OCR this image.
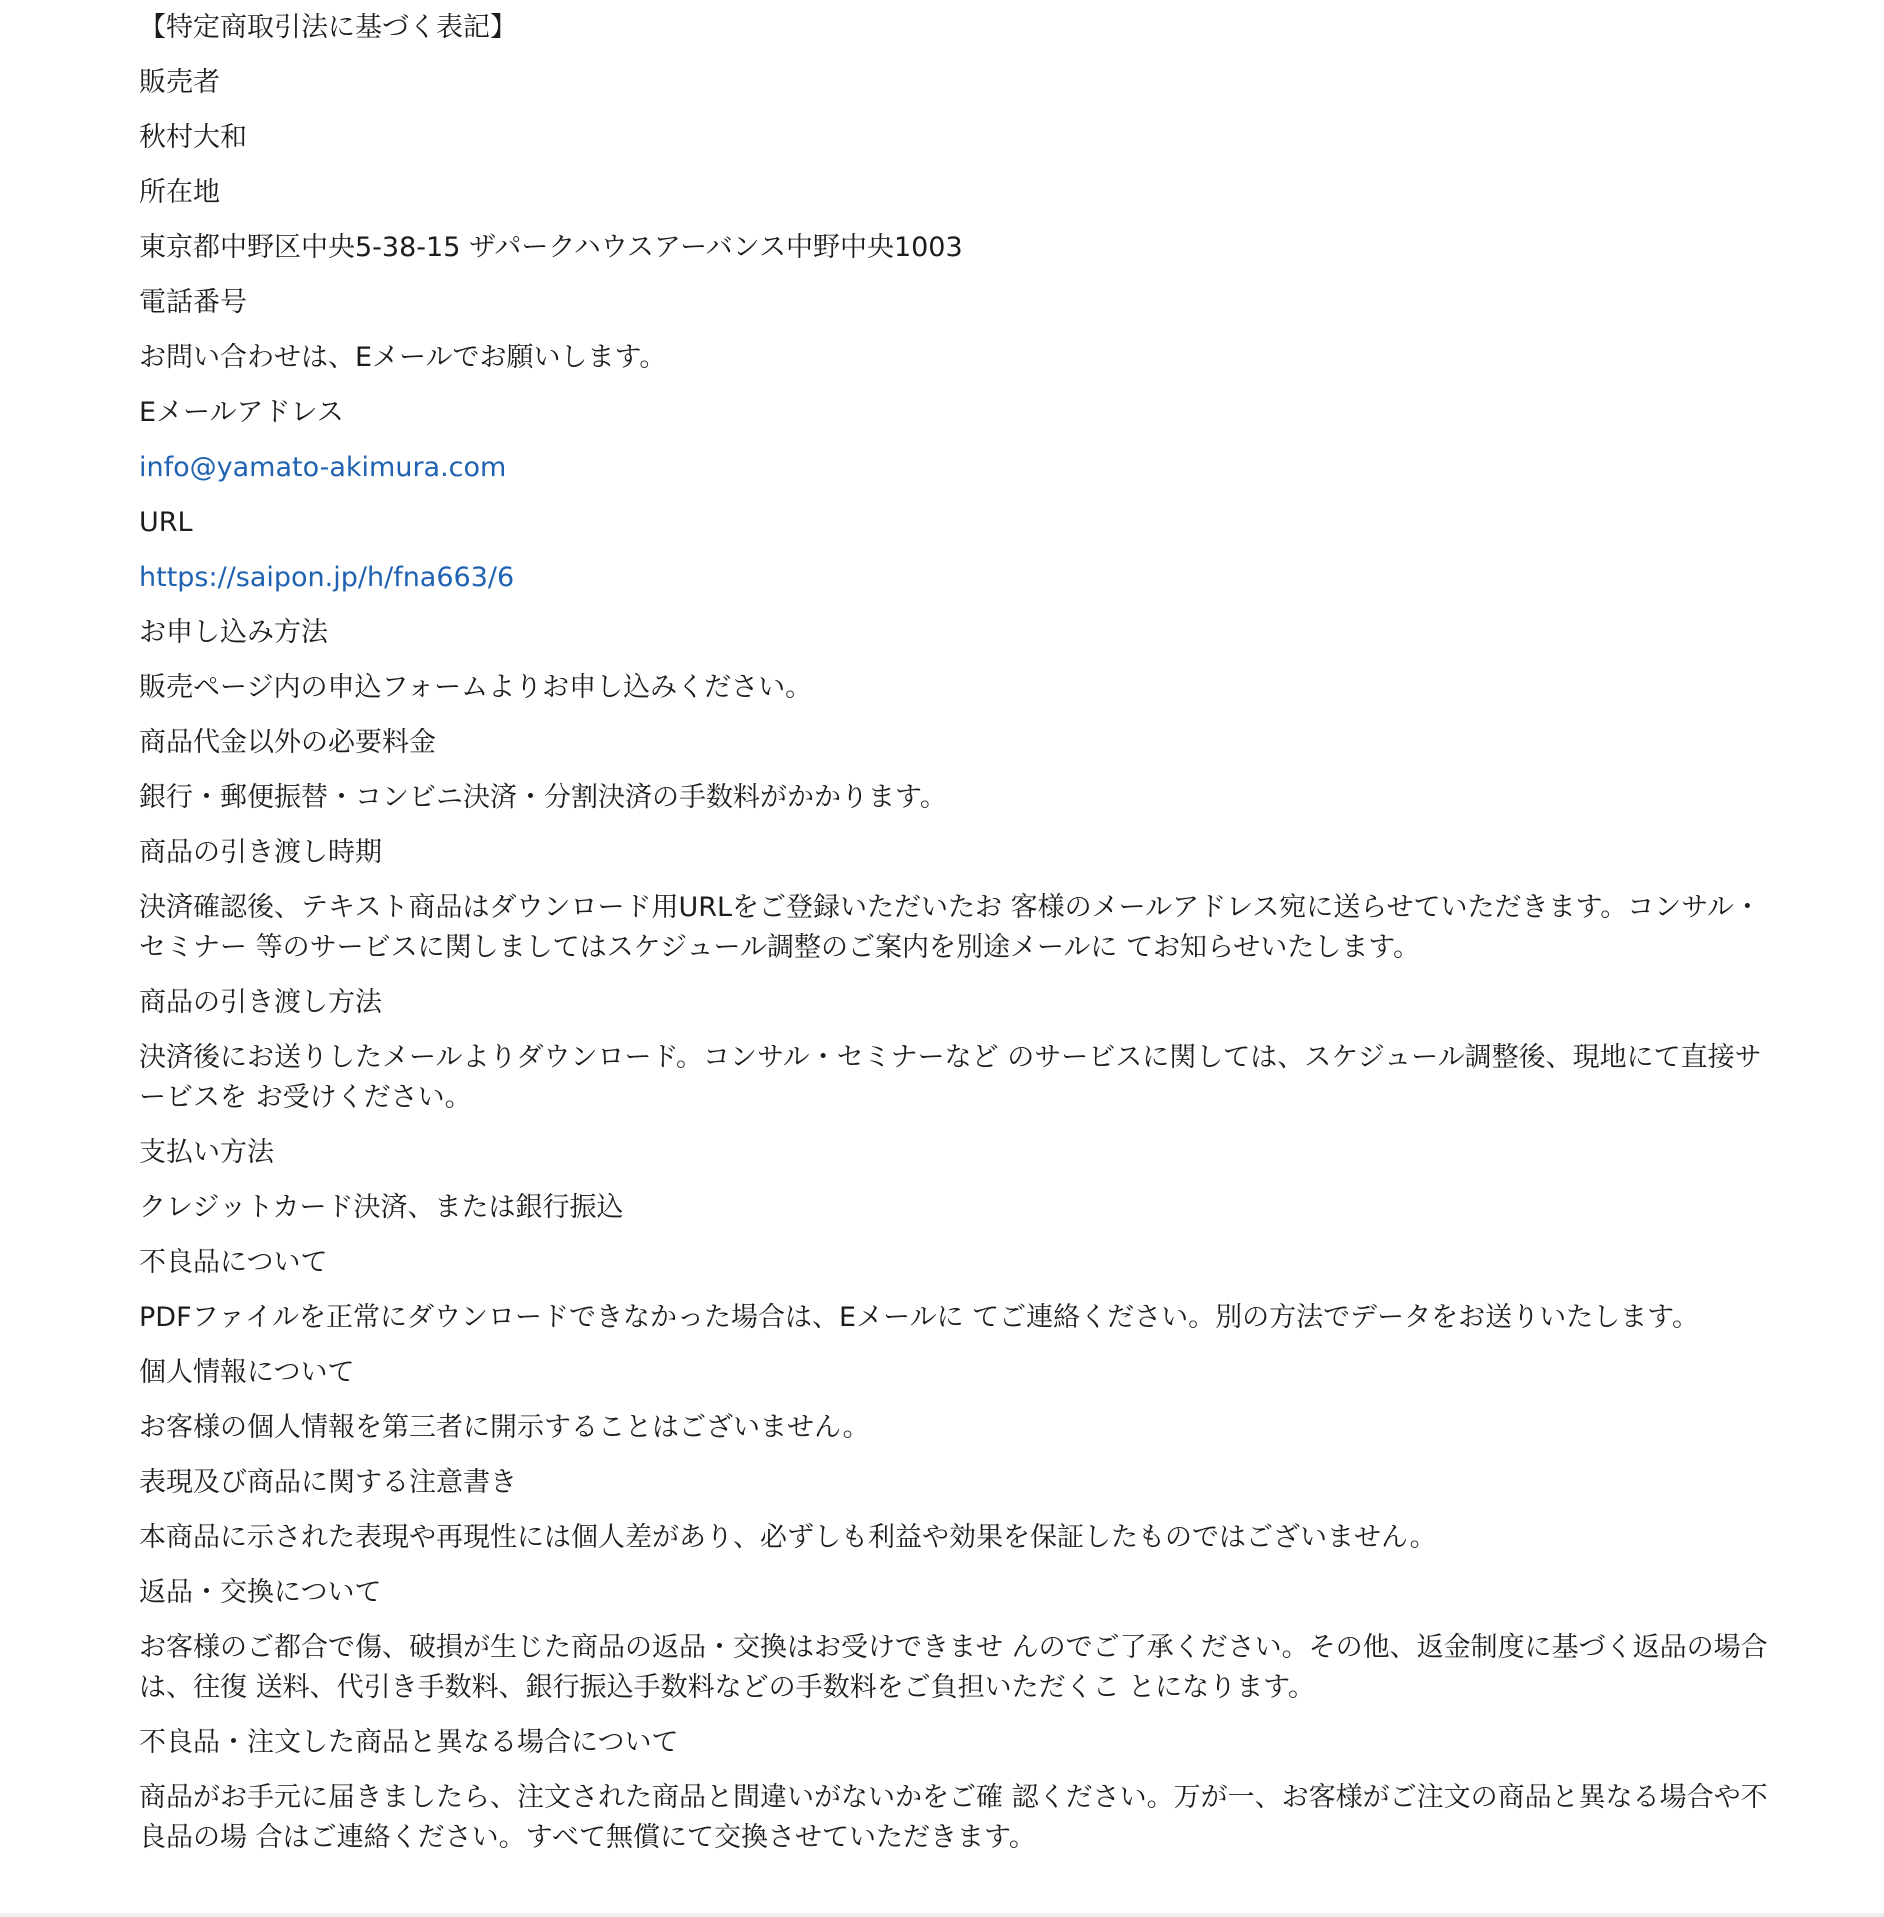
【特定商取引法に基づく表記】
販売者
秋村大和
所在地
東京都中野区中央5-38-15 ザパークハウスアーバンス中野中央1003
電話番号
お問い合わせは、Eメールでお願いします。
Eメールアドレス
info@yamato-akimura.com
URL
https://saipon.jp/h/fna663/6
お申し込み方法
販売ページ内の申込フォームよりお申し込みください。
商品代金以外の必要料金
銀行・郵便振替・コンビニ決済・分割決済の手数料がかかります。
商品の引き渡し時期
決済確認後、テキスト商品はダウンロード用URLをご登録いただいたお 客様のメールアドレス宛に送らせていただきます。コンサル・セミナー 等のサービスに関しましてはスケジュール調整のご案内を別途メールに てお知らせいたします。
商品の引き渡し方法
決済後にお送りしたメールよりダウンロード。コンサル・セミナーなど のサービスに関しては、スケジュール調整後、現地にて直接サービスを お受けください。
支払い方法
クレジットカード決済、または銀行振込
不良品について
PDFファイルを正常にダウンロードできなかった場合は、Eメールに てご連絡ください。別の方法でデータをお送りいたします。
個人情報について
お客様の個人情報を第三者に開示することはございません。
表現及び商品に関する注意書き
本商品に示された表現や再現性には個人差があり、必ずしも利益や効果を保証したものではございません。
返品・交換について
お客様のご都合で傷、破損が生じた商品の返品・交換はお受けできませ んのでご了承ください。その他、返金制度に基づく返品の場合は、往復 送料、代引き手数料、銀行振込手数料などの手数料をご負担いただくこ とになります。
不良品・注文した商品と異なる場合について
商品がお手元に届きましたら、注文された商品と間違いがないかをご確 認ください。万が一、お客様がご注文の商品と異なる場合や不良品の場 合はご連絡ください。すべて無償にて交換させていただきます。
